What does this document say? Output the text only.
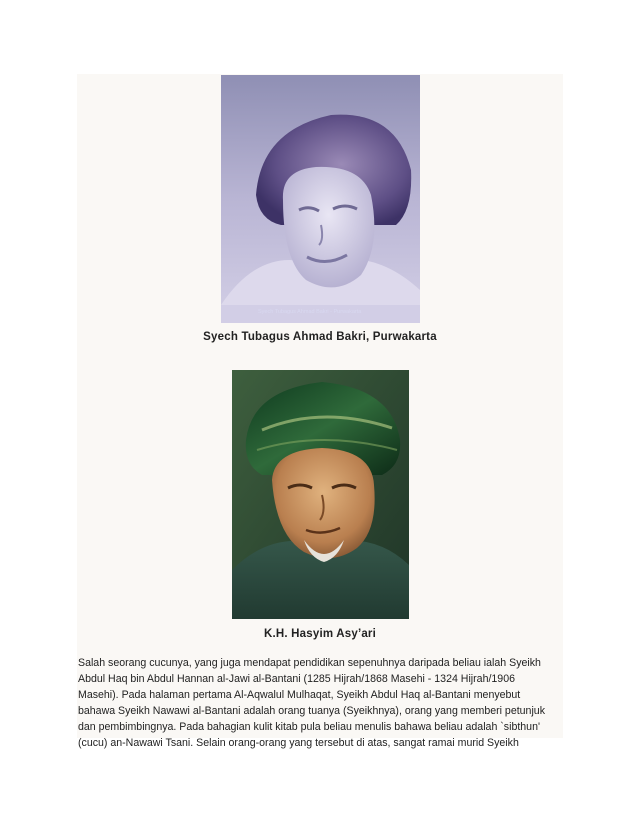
Syech Tubagus Ahmad Bakri - Purwakarta
Syech Tubagus Ahmad Bakri, Purwakarta
K.H. Hasyim Asy’ari
Salah seorang cucunya, yang juga mendapat pendidikan sepenuhnya daripada beliau ialah Syeikh
Abdul Haq bin Abdul Hannan al-Jawi al-Bantani (1285 Hijrah/1868 Masehi - 1324 Hijrah/1906
Masehi). Pada halaman pertama Al-Aqwalul Mulhaqat, Syeikh Abdul Haq al-Bantani menyebut
bahawa Syeikh Nawawi al-Bantani adalah orang tuanya (Syeikhnya), orang yang memberi petunjuk
dan pembimbingnya. Pada bahagian kulit kitab pula beliau menulis bahawa beliau adalah `sibthun'
(cucu) an-Nawawi Tsani. Selain orang-orang yang tersebut di atas, sangat ramai murid Syeikh
